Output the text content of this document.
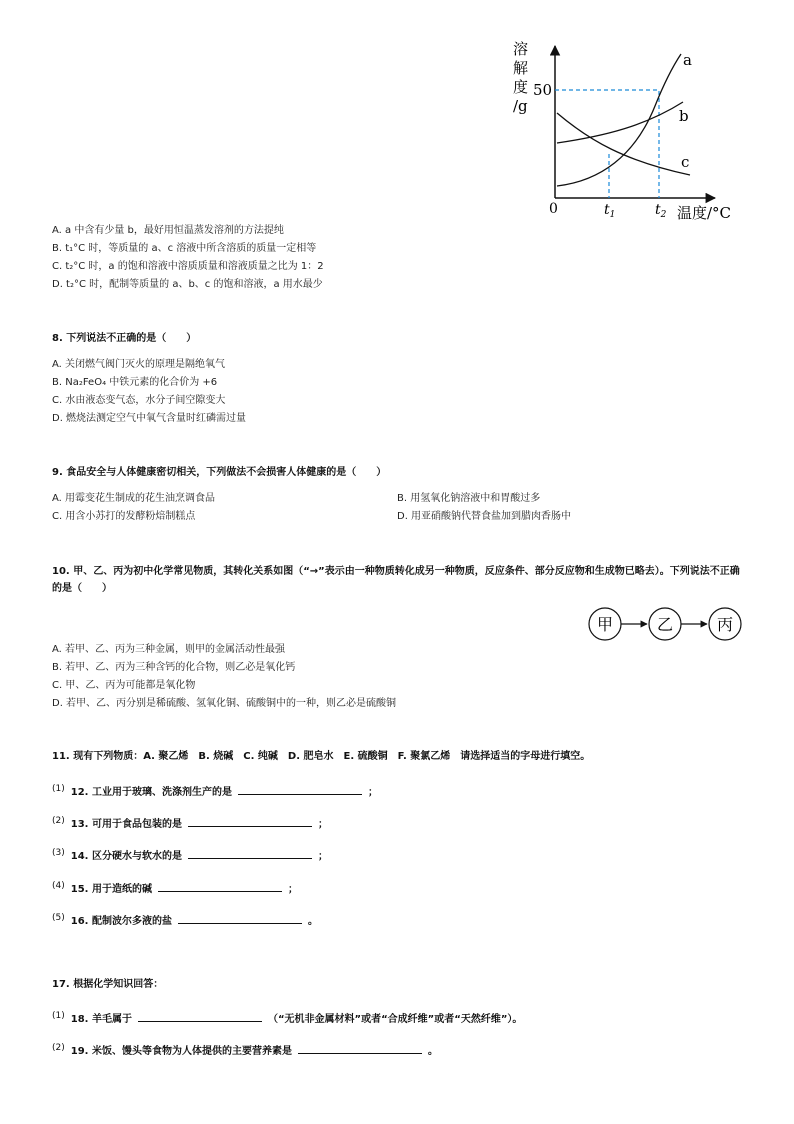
a
b
c
50
0	$t_1$	$t_2$ 温度/°C
溶
解
度
/g
A. a 中含有少量 b，最好用恒温蒸发溶剂的方法提纯
B. t₁°C 时，等质量的 a、c 溶液中所含溶质的质量一定相等
C. t₂°C 时，a 的饱和溶液中溶质质量和溶液质量之比为 1：2
D. t₂°C 时，配制等质量的 a、b、c 的饱和溶液，a 用水最少
8. 下列说法不正确的是（　　）
A. 关闭燃气阀门灭火的原理是隔绝氧气
B. Na₂FeO₄ 中铁元素的化合价为 +6
C. 水由液态变气态，水分子间空隙变大
D. 燃烧法测定空气中氧气含量时红磷需过量
9. 食品安全与人体健康密切相关，下列做法不会损害人体健康的是（　　）
A. 用霉变花生制成的花生油烹调食品	B. 用氢氧化钠溶液中和胃酸过多
C. 用含小苏打的发酵粉焙制糕点	D. 用亚硝酸钠代替食盐加到腊肉香肠中
10. 甲、乙、丙为初中化学常见物质，其转化关系如图（“→”表示由一种物质转化成另一种物质，反应条件、部分反应物和生成物已略去）。下列说法不正确的是（　　）
甲	乙	丙
A. 若甲、乙、丙为三种金属，则甲的金属活动性最强
B. 若甲、乙、丙为三种含钙的化合物，则乙必是氧化钙
C. 甲、乙、丙为可能都是氧化物
D. 若甲、乙、丙分别是稀硫酸、氢氧化铜、硫酸铜中的一种，则乙必是硫酸铜
11. 现有下列物质：A. 聚乙烯　B. 烧碱　C. 纯碱　D. 肥皂水　E. 硫酸铜　F. 聚氯乙烯　请选择适当的字母进行填空。
(1) 12. 工业用于玻璃、洗涤剂生产的是	；
(2) 13. 可用于食品包装的是	；
(3) 14. 区分硬水与软水的是	；
(4) 15. 用于造纸的碱	；
(5) 16. 配制波尔多液的盐	。
17. 根据化学知识回答：
(1) 18. 羊毛属于	（“无机非金属材料”或者“合成纤维”或者“天然纤维”）。
(2) 19. 米饭、馒头等食物为人体提供的主要营养素是	。
